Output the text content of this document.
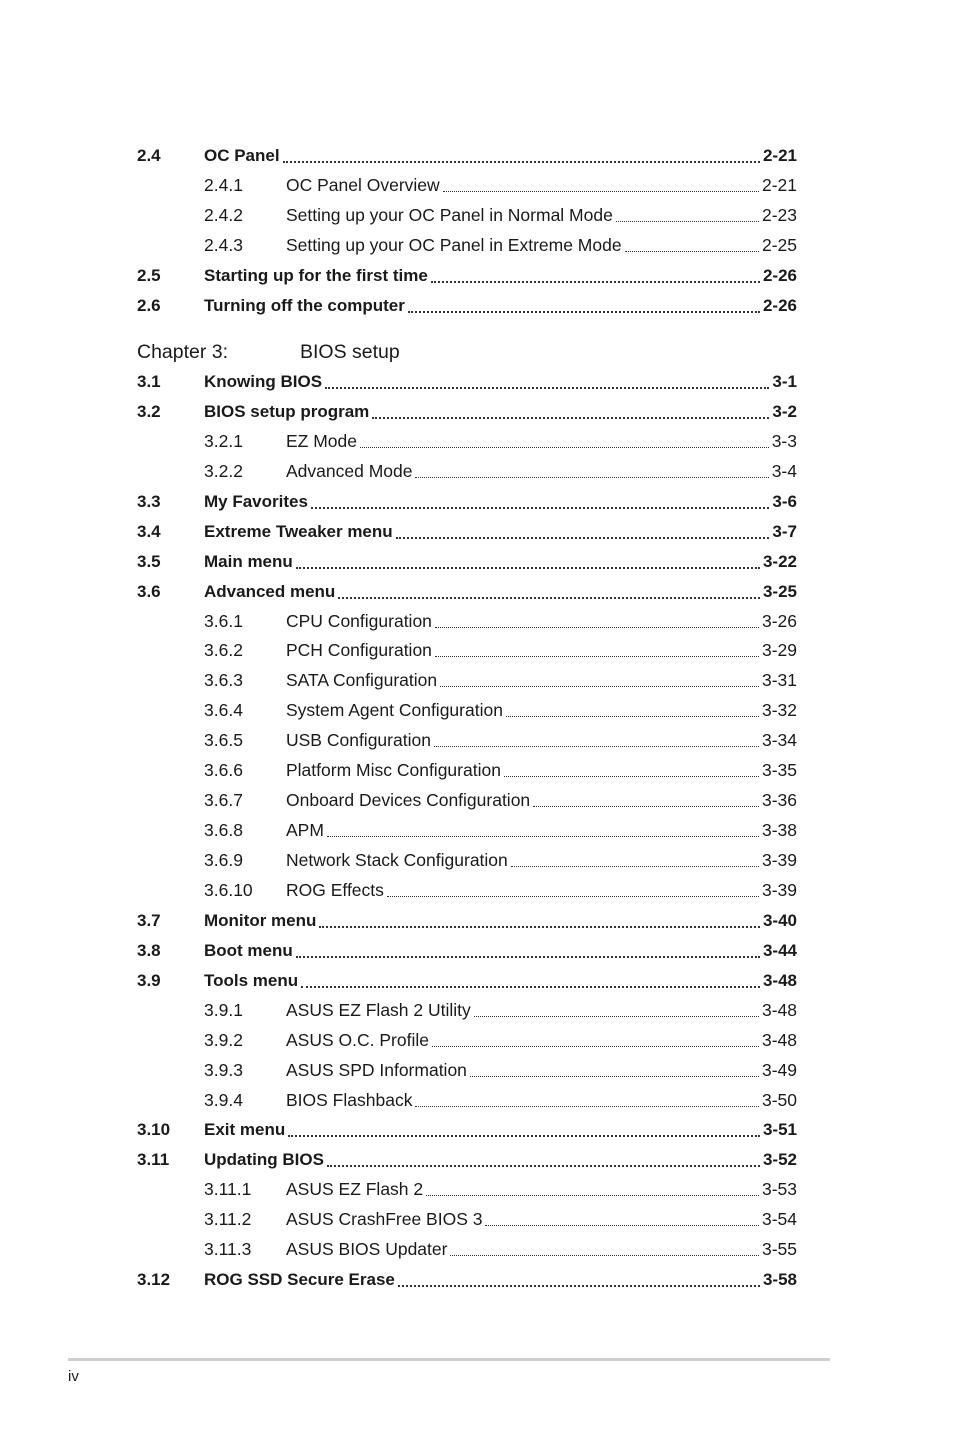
2.4	OC Panel	2-21
2.4.1 OC Panel Overview	2-21
2.4.2 Setting up your OC Panel in Normal Mode	2-23
2.4.3 Setting up your OC Panel in Extreme Mode	2-25
2.5	Starting up for the first time	2-26
2.6	Turning off the computer	2-26
Chapter 3:	BIOS setup
3.1	Knowing BIOS	3-1
3.2	BIOS setup program	3-2
3.2.1 EZ Mode	3-3
3.2.2 Advanced Mode	3-4
3.3	My Favorites	3-6
3.4	Extreme Tweaker menu	3-7
3.5	Main menu	3-22
3.6	Advanced menu	3-25
3.6.1 CPU Configuration	3-26
3.6.2 PCH Configuration	3-29
3.6.3 SATA Configuration	3-31
3.6.4 System Agent Configuration	3-32
3.6.5 USB Configuration	3-34
3.6.6 Platform Misc Configuration	3-35
3.6.7 Onboard Devices Configuration	3-36
3.6.8 APM	3-38
3.6.9 Network Stack Configuration	3-39
3.6.10 ROG Effects	3-39
3.7	Monitor menu	3-40
3.8	Boot menu	3-44
3.9	Tools menu	3-48
3.9.1 ASUS EZ Flash 2 Utility	3-48
3.9.2 ASUS O.C. Profile	3-48
3.9.3 ASUS SPD Information	3-49
3.9.4 BIOS Flashback	3-50
3.10 Exit menu	3-51
3.11 Updating BIOS	3-52
3.11.1 ASUS EZ Flash 2	3-53
3.11.2 ASUS CrashFree BIOS 3	3-54
3.11.3 ASUS BIOS Updater	3-55
3.12 ROG SSD Secure Erase	3-58
iv
